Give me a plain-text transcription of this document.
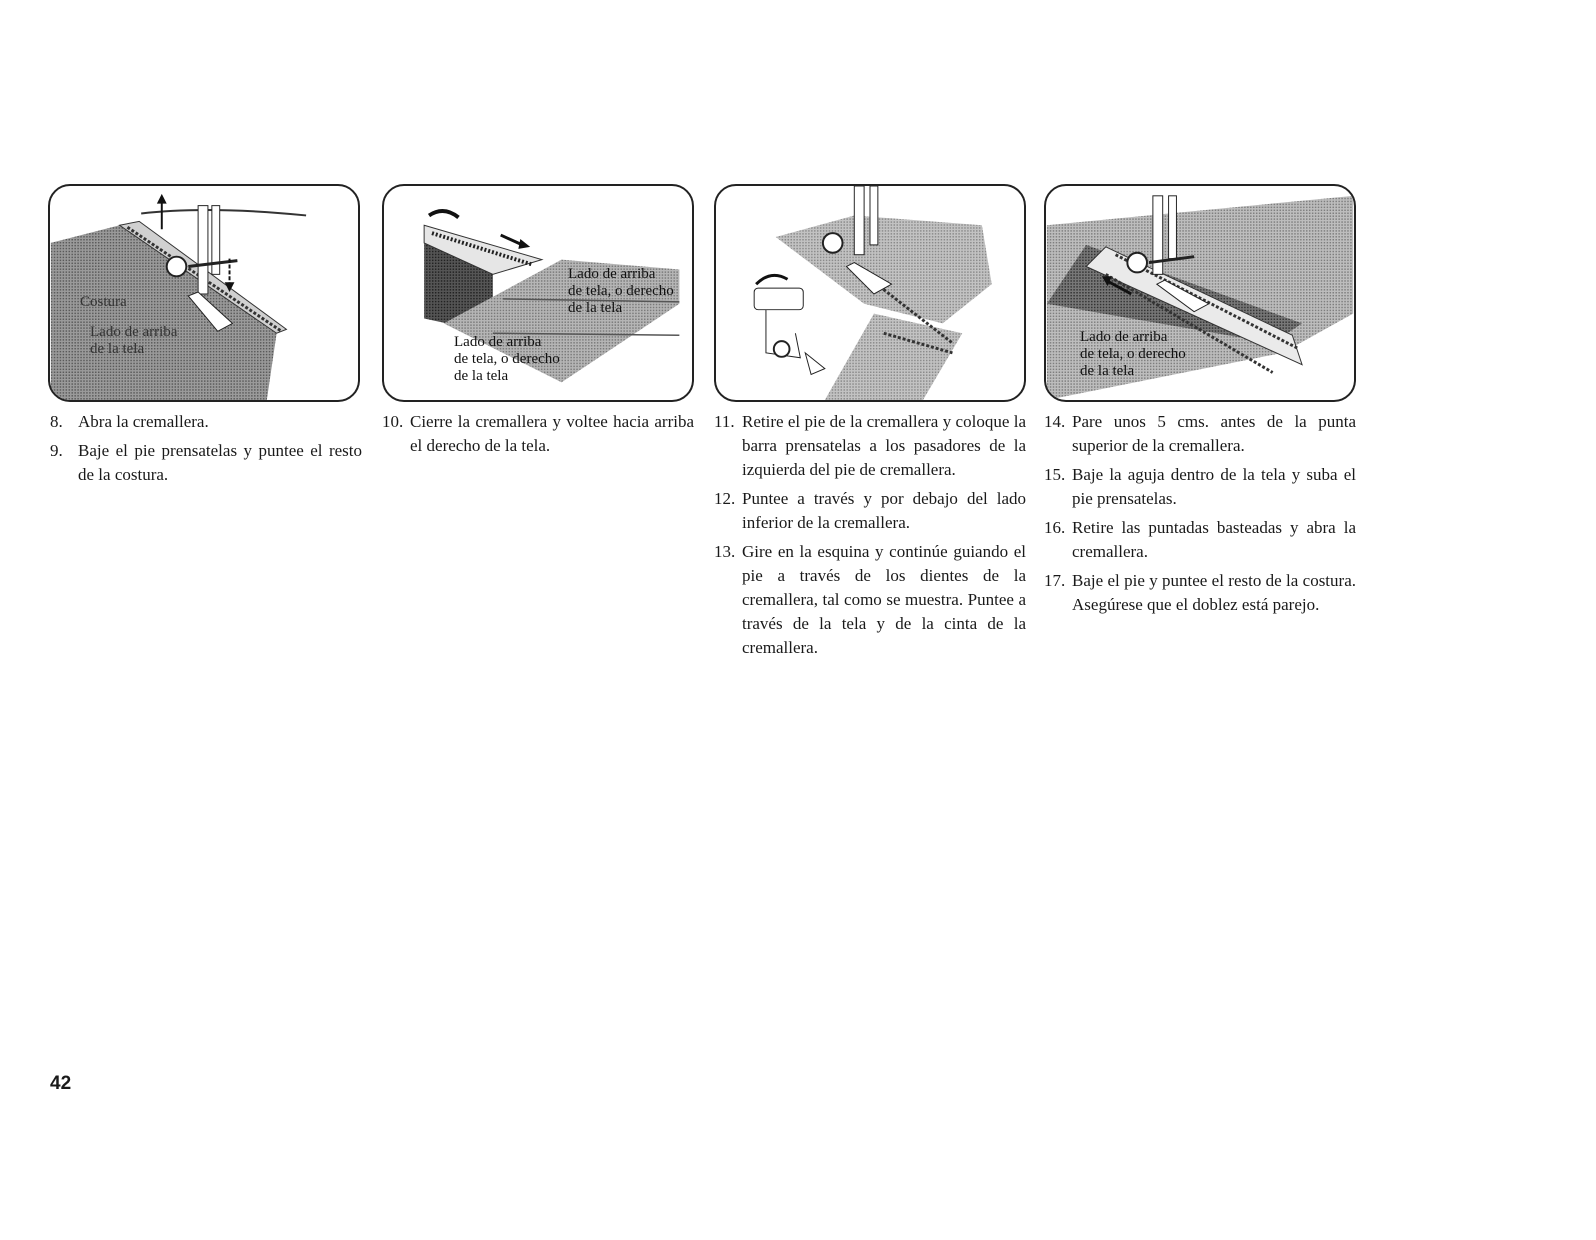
Costura
Lado de arriba
de la tela
Lado de arriba
de tela, o derecho
de la tela
Lado de arriba
de tela, o derecho
de la tela
Lado de arriba
de tela, o derecho
de la tela
8. Abra la cremallera.
9. Baje el pie prensatelas y puntee el resto de la costura.
10. Cierre la cremallera y voltee hacia arriba el derecho de la tela.
11. Retire el pie de la cremallera y coloque la barra prensatelas a los pasadores de la izquierda del pie de cremallera.
12. Puntee a través y por debajo del lado inferior de la cremallera.
13. Gire en la esquina y continúe guiando el pie a través de los dientes de la cremallera, tal como se muestra. Puntee a través de la tela y de la cinta de la cremallera.
14. Pare unos 5 cms. antes de la punta superior de la cremallera.
15. Baje la aguja dentro de la tela y suba el pie prensatelas.
16. Retire las puntadas basteadas y abra la cremallera.
17. Baje el pie y puntee el resto de la costura. Asegúrese que el doblez está parejo.
42
